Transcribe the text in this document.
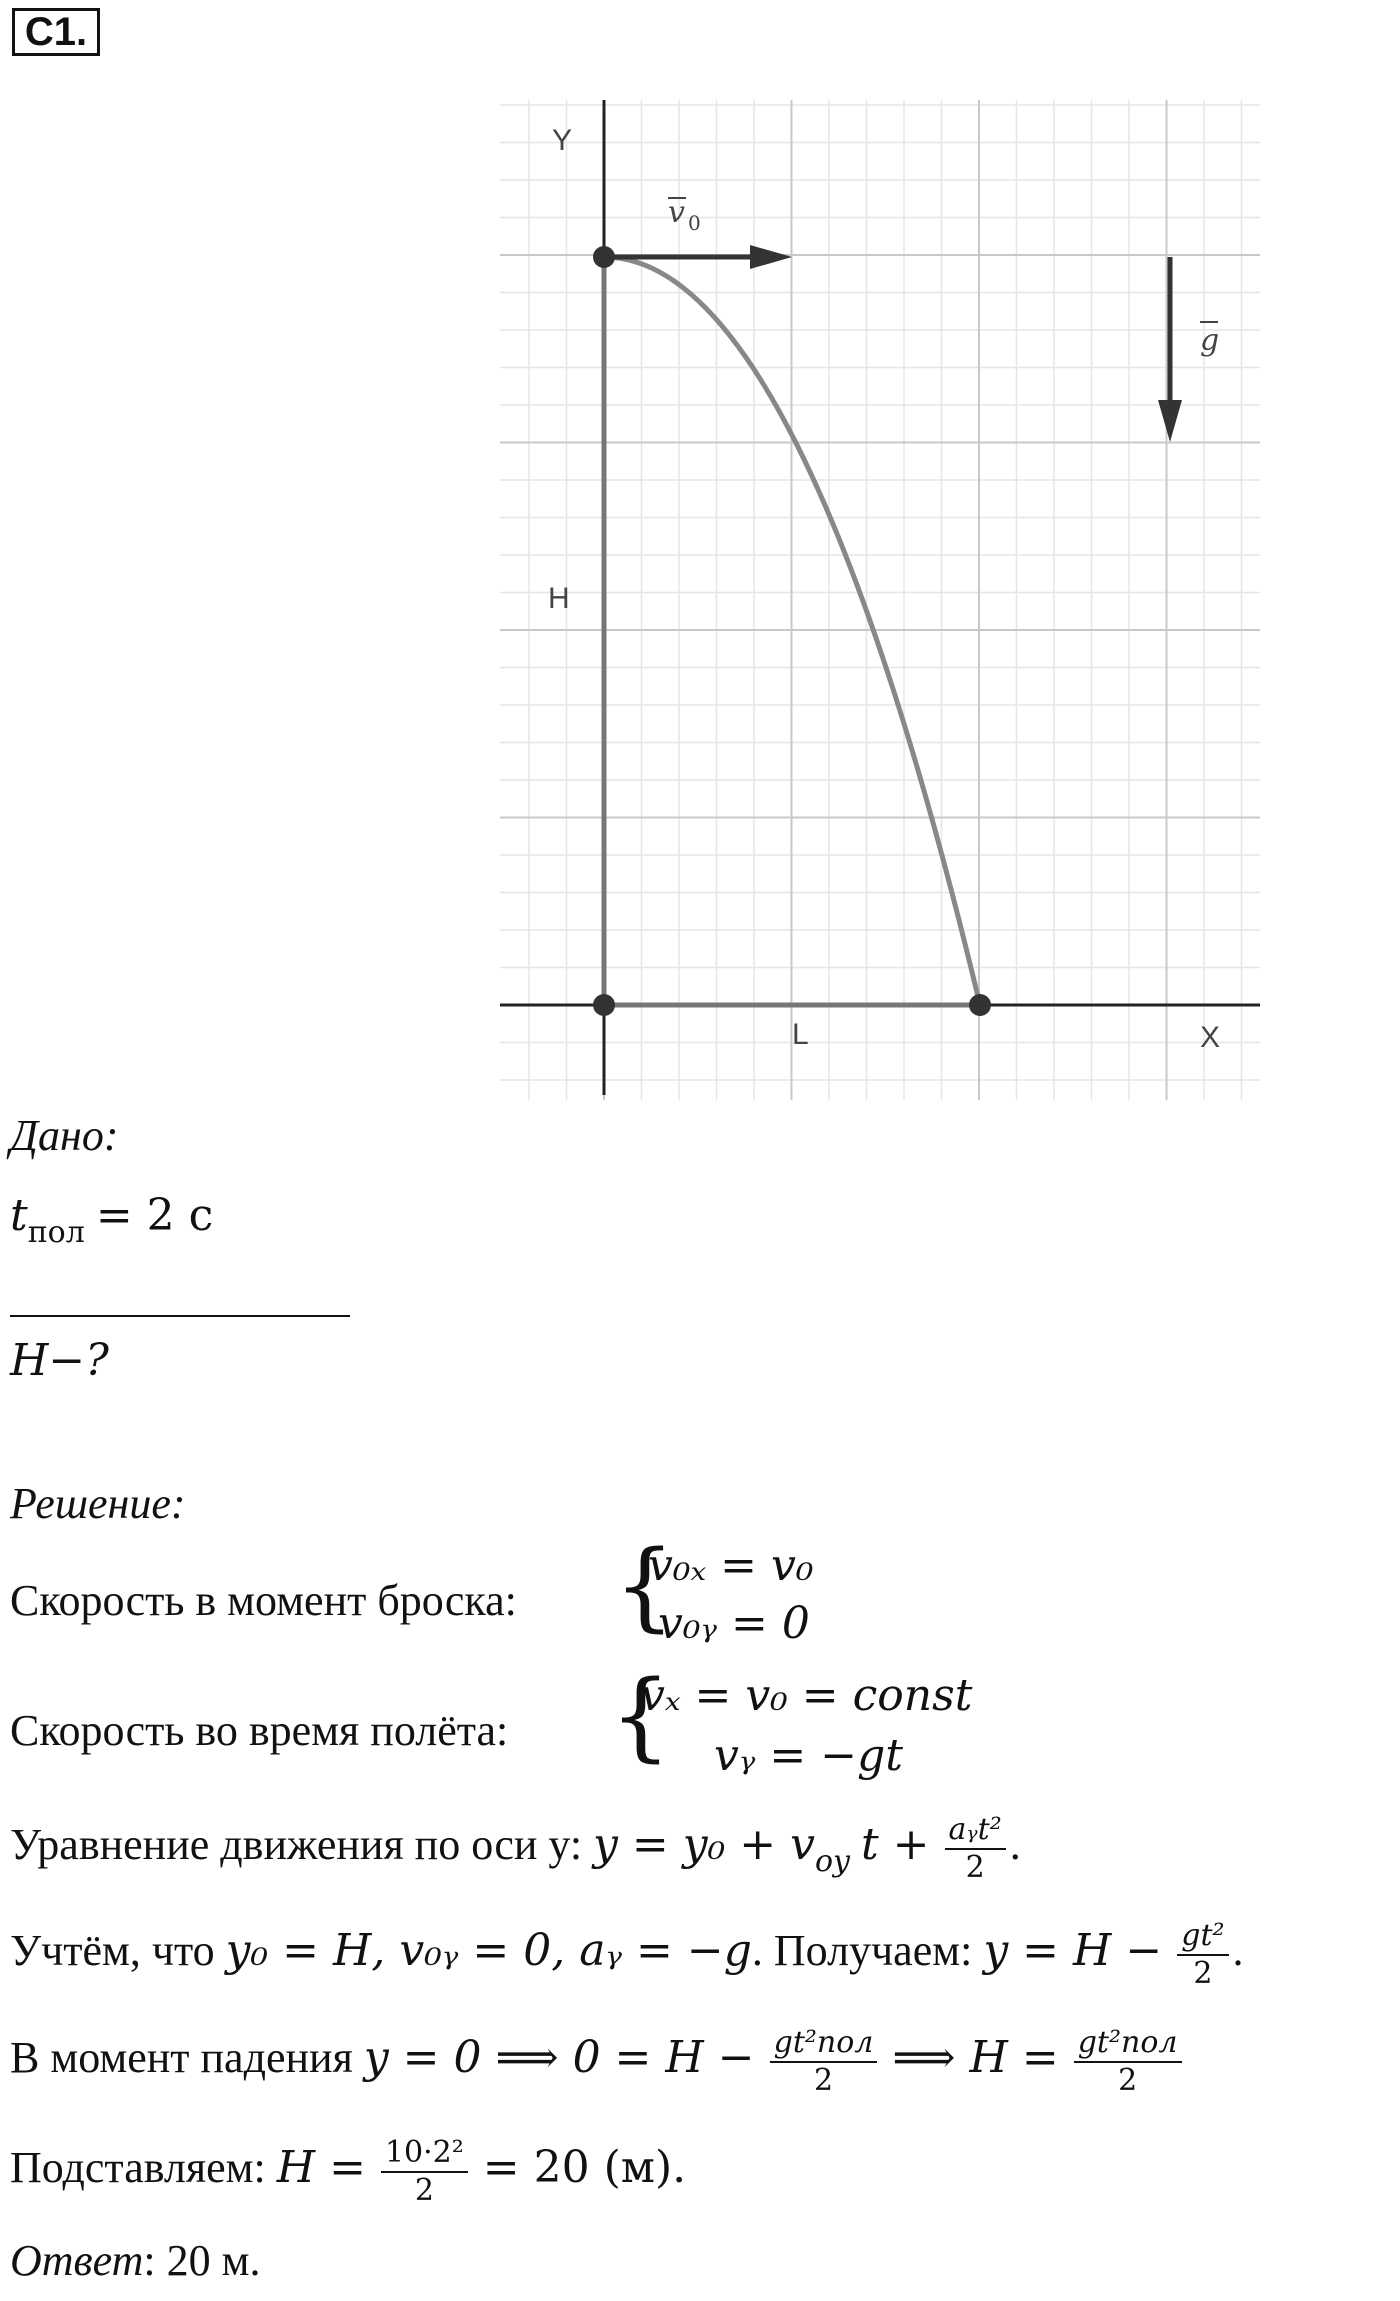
C1.
Y
X
H
L
v 0
g
Дано:
$t_{пол} = 2$ с
H−?
Решение:
Скорость в момент броска: {
v₀ₓ = v₀
v₀ᵧ = 0
Скорость во время полёта: {
vₓ = v₀ = const
vᵧ = −gt
Уравнение движения по оси у: $y = y_0 + v_{oy}$ $t + \frac{\text{aᵧt²}}{2}$ .
Учтём, что y₀ = H, v₀ᵧ = 0, aᵧ = −g. Получаем: $y = H - \frac{\text{gt²}}{2}$ .
В момент падения y = 0 ⟹ $0 = H - \frac{\text{gt²пол}}{2}$ ⟹ $H = \frac{\text{gt²пол}}{2}$
Подставляем: $H = \frac{\text{10·2²}}{2} = 20$ (м).
Ответ: 20 м.
